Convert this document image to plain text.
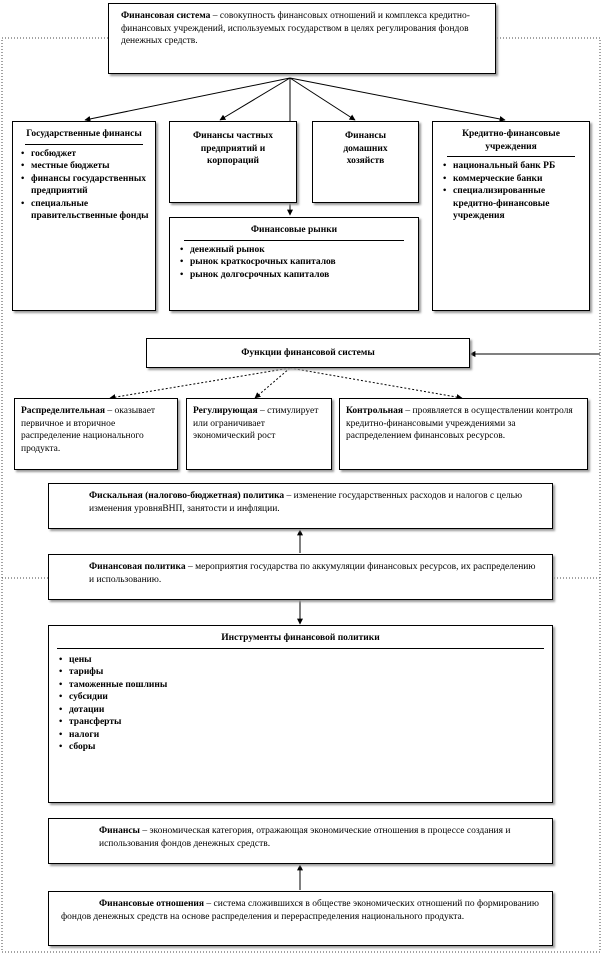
Финансовая система – совокупность финансовых отношений и комплекса кредитно-финансовых учреждений, используемых государством в целях регулирования фондов денежных средств.
Государственные финансы
• госбюджет
• местные бюджеты
• финансы государственных предприятий
• специальные правительственные фонды
Финансы частных предприятий и корпораций
Финансы домашних хозяйств
Кредитно-финансовые учреждения
• национальный банк РБ
• коммерческие банки
• специализированные кредитно-финансовые учреждения
Финансовые рынки
• денежный рынок
• рынок краткосрочных капиталов
• рынок долгосрочных капиталов
Функции финансовой системы
Распределительная – оказывает первичное и вторичное распределение национального продукта.
Регулирующая – стимулирует или ограничивает экономический рост
Контрольная – проявляется в осуществлении контроля кредитно-финансовыми учреждениями за распределением финансовых ресурсов.
Фискальная (налогово-бюджетная) политика – изменение государственных расходов и налогов с целью изменения уровняВНП, занятости и инфляции.
Финансовая политика – мероприятия государства по аккумуляции финансовых ресурсов, их распределению и использованию.
Инструменты финансовой политики
• цены
• тарифы
• таможенные пошлины
• субсидии
• дотации
• трансферты
• налоги
• сборы
Финансы – экономическая категория, отражающая экономические отношения в процессе создания и использования фондов денежных средств.
Финансовые отношения – система сложившихся в обществе экономических отношений по формированию фондов денежных средств на основе распределения и перераспределения национального продукта.
